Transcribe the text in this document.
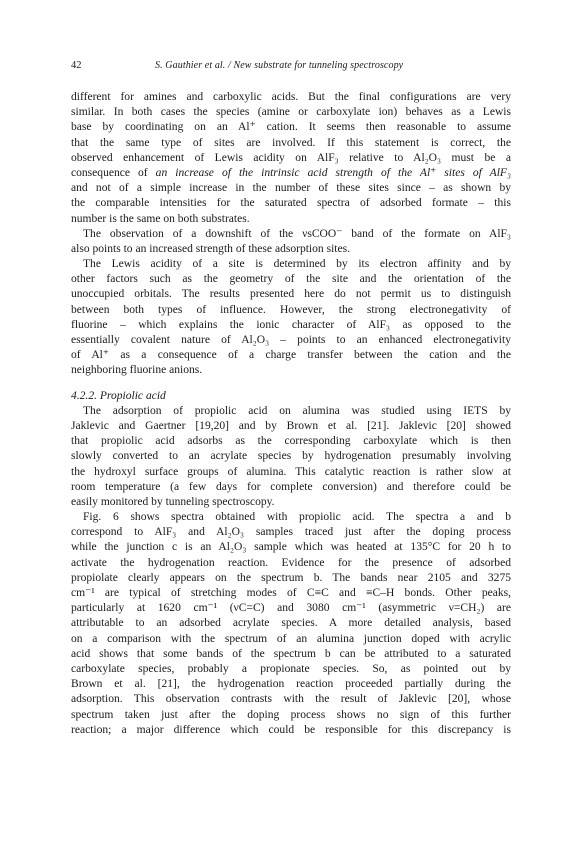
42	S. Gauthier et al. / New substrate for tunneling spectroscopy
different for amines and carboxylic acids. But the final configurations are very
similar. In both cases the species (amine or carboxylate ion) behaves as a Lewis
base by coordinating on an Al⁺ cation. It seems then reasonable to assume
that the same type of sites are involved. If this statement is correct, the
observed enhancement of Lewis acidity on AlF₃ relative to Al₂O₃ must be a
consequence of an increase of the intrinsic acid strength of the Al⁺ sites of AlF₃
and not of a simple increase in the number of these sites since – as shown by
the comparable intensities for the saturated spectra of adsorbed formate – this
number is the same on both substrates.
The observation of a downshift of the νsCOO⁻ band of the formate on AlF₃
also points to an increased strength of these adsorption sites.
The Lewis acidity of a site is determined by its electron affinity and by
other factors such as the geometry of the site and the orientation of the
unoccupied orbitals. The results presented here do not permit us to distinguish
between both types of influence. However, the strong electronegativity of
fluorine – which explains the ionic character of AlF₃ as opposed to the
essentially covalent nature of Al₂O₃ – points to an enhanced electronegativity
of Al⁺ as a consequence of a charge transfer between the cation and the
neighboring fluorine anions.
4.2.2. Propiolic acid
The adsorption of propiolic acid on alumina was studied using IETS by
Jaklevic and Gaertner [19,20] and by Brown et al. [21]. Jaklevic [20] showed
that propiolic acid adsorbs as the corresponding carboxylate which is then
slowly converted to an acrylate species by hydrogenation presumably involving
the hydroxyl surface groups of alumina. This catalytic reaction is rather slow at
room temperature (a few days for complete conversion) and therefore could be
easily monitored by tunneling spectroscopy.
Fig. 6 shows spectra obtained with propiolic acid. The spectra a and b
correspond to AlF₃ and Al₂O₃ samples traced just after the doping process
while the junction c is an Al₂O₃ sample which was heated at 135°C for 20 h to
activate the hydrogenation reaction. Evidence for the presence of adsorbed
propiolate clearly appears on the spectrum b. The bands near 2105 and 3275
cm⁻¹ are typical of stretching modes of C≡C and ≡C–H bonds. Other peaks,
particularly at 1620 cm⁻¹ (νC=C) and 3080 cm⁻¹ (asymmetric ν=CH₂) are
attributable to an adsorbed acrylate species. A more detailed analysis, based
on a comparison with the spectrum of an alumina junction doped with acrylic
acid shows that some bands of the spectrum b can be attributed to a saturated
carboxylate species, probably a propionate species. So, as pointed out by
Brown et al. [21], the hydrogenation reaction proceeded partially during the
adsorption. This observation contrasts with the result of Jaklevic [20], whose
spectrum taken just after the doping process shows no sign of this further
reaction; a major difference which could be responsible for this discrepancy is
